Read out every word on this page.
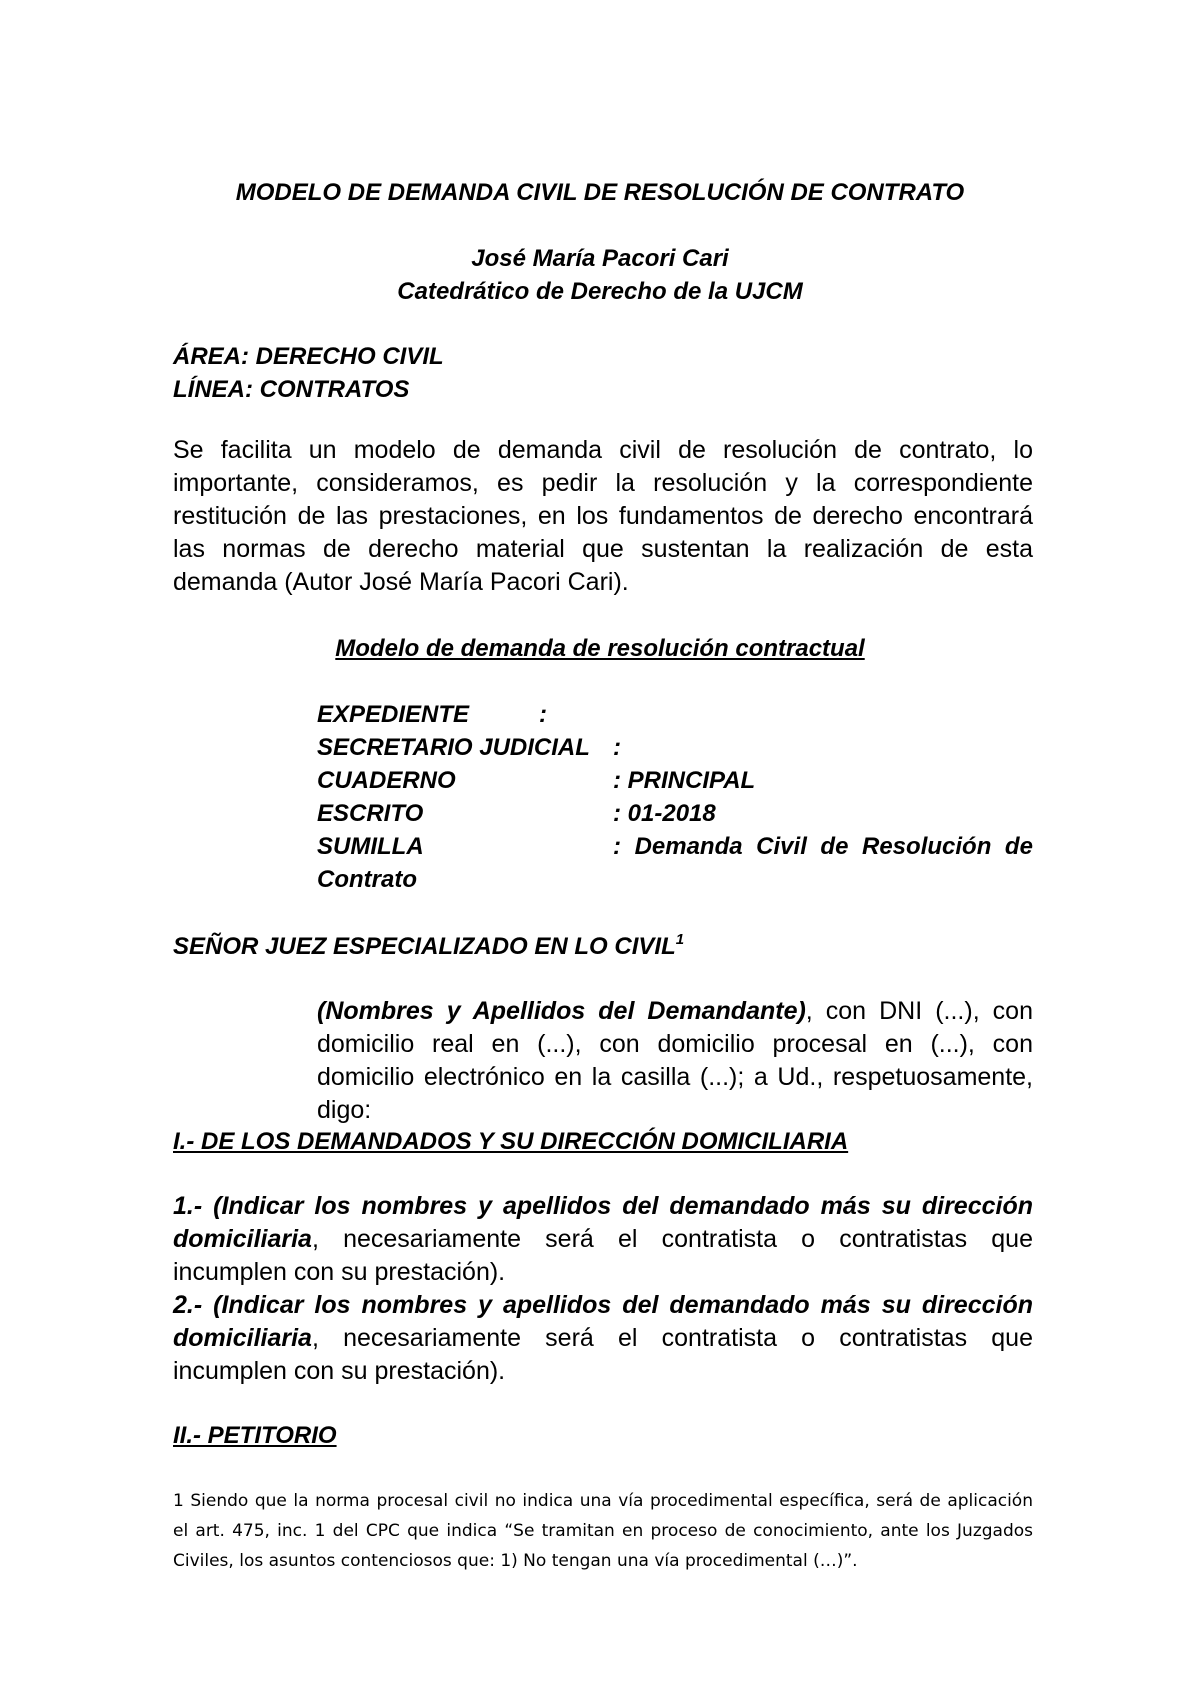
MODELO DE DEMANDA CIVIL DE RESOLUCIÓN DE CONTRATO
José María Pacori Cari
Catedrático de Derecho de la UJCM
ÁREA: DERECHO CIVIL
LÍNEA: CONTRATOS
Se facilita un modelo de demanda civil de resolución de contrato, lo importante, consideramos, es pedir la resolución y la correspondiente restitución de las prestaciones, en los fundamentos de derecho encontrará las normas de derecho material que sustentan la realización de esta demanda (Autor José María Pacori Cari).
Modelo de demanda de resolución contractual
EXPEDIENTE	:
SECRETARIO JUDICIAL :
CUADERNO	: PRINCIPAL
ESCRITO	: 01-2018
SUMILLA	: Demanda Civil de Resolución de
Contrato
SEÑOR JUEZ ESPECIALIZADO EN LO CIVIL$^1$
(Nombres y Apellidos del Demandante), con DNI (...), con domicilio real en (...), con domicilio procesal en (...), con domicilio electrónico en la casilla (...); a Ud., respetuosamente, digo:
I.- DE LOS DEMANDADOS Y SU DIRECCIÓN DOMICILIARIA

1.- (Indicar los nombres y apellidos del demandado más su dirección domiciliaria, necesariamente será el contratista o contratistas que incumplen con su prestación).

2.- (Indicar los nombres y apellidos del demandado más su dirección domiciliaria, necesariamente será el contratista o contratistas que incumplen con su prestación).

II.- PETITORIO
1 Siendo que la norma procesal civil no indica una vía procedimental específica, será de aplicación el art. 475, inc. 1 del CPC que indica “Se tramitan en proceso de conocimiento, ante los Juzgados Civiles, los asuntos contenciosos que: 1) No tengan una vía procedimental (…)”.
